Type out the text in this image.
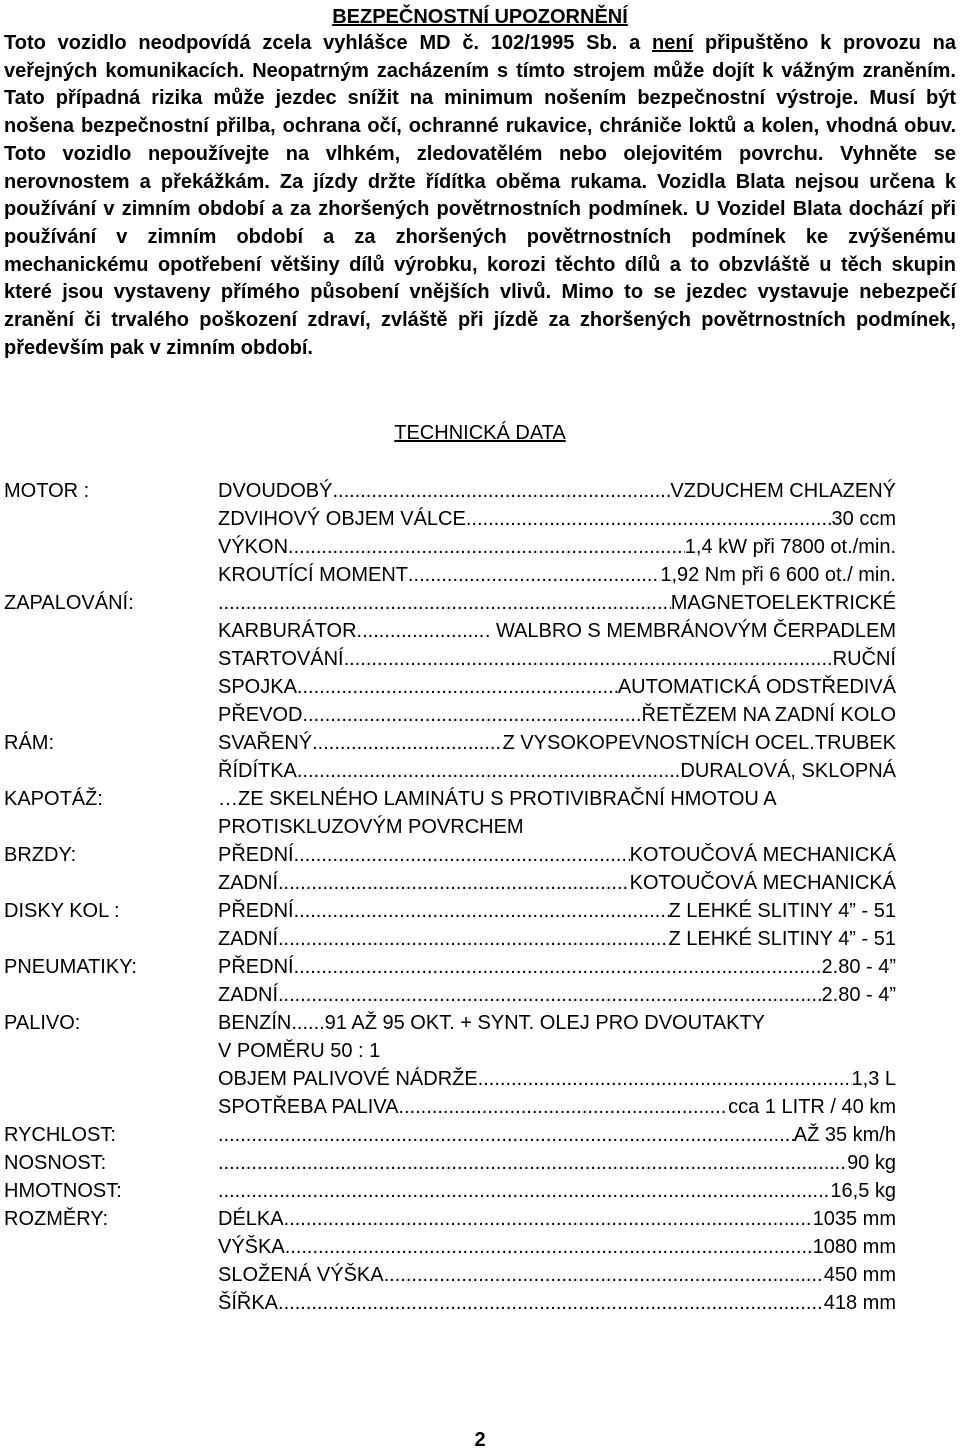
BEZPEČNOSTNÍ UPOZORNĚNÍ

Toto vozidlo neodpovídá zcela vyhlášce MD č. 102/1995 Sb. a není připuštěno k provozu na veřejných komunikacích. Neopatrným zacházením s tímto strojem může dojít k vážným zraněním. Tato případná rizika může jezdec snížit na minimum nošením bezpečnostní výstroje. Musí být nošena bezpečnostní přilba, ochrana očí, ochranné rukavice, chrániče loktů a kolen, vhodná obuv. Toto vozidlo nepoužívejte na vlhkém, zledovatělém nebo olejovitém povrchu. Vyhněte se nerovnostem a překážkám. Za jízdy držte řídítka oběma rukama. Vozidla Blata nejsou určena k používání v zimním období a za zhoršených povětrnostních podmínek. U Vozidel Blata dochází při používání v zimním období a za zhoršených povětrnostních podmínek ke zvýšenému mechanickému opotřebení většiny dílů výrobku, korozi těchto dílů a to obzvláště u těch skupin které jsou vystaveny přímého působení vnějších vlivů. Mimo to se jezdec vystavuje nebezpečí zranění či trvalého poškození zdraví, zvláště při jízdě za zhoršených povětrnostních podmínek, především pak v zimním období.

TECHNICKÁ DATA
MOTOR :	DVOUDOBÝ .....	VZDUCHEM CHLAZENÝ
ZDVIHOVÝ OBJEM VÁLCE .....	30 ccm
VÝKON .....	1,4 kW při 7800 ot./min.
KROUTÍCÍ MOMENT .....	1,92 Nm při 6 600 ot./ min.
ZAPALOVÁNÍ: .....	MAGNETOELEKTRICKÉ
KARBURÁTOR .....	. WALBRO S MEMBRÁNOVÝM ČERPADLEM
STARTOVÁNÍ .....	RUČNÍ
SPOJKA .....	AUTOMATICKÁ ODSTŘEDIVÁ
PŘEVOD .....	ŘETĚZEM NA ZADNÍ KOLO
RÁM:	SVAŘENÝ .....	Z VYSOKOPEVNOSTNÍCH OCEL.TRUBEK
ŘÍDÍTKA .....	DURALOVÁ, SKLOPNÁ
KAPOTÁŽ:	…ZE SKELNÉHO LAMINÁTU S PROTIVIBRAČNÍ HMOTOU A
PROTISKLUZOVÝM POVRCHEM
BRZDY:	PŘEDNÍ .....	KOTOUČOVÁ MECHANICKÁ
ZADNÍ .....	KOTOUČOVÁ MECHANICKÁ
DISKY KOL :	PŘEDNÍ .....	Z LEHKÉ SLITINY 4” - 51
ZADNÍ .....	Z LEHKÉ SLITINY 4” - 51
PNEUMATIKY:	PŘEDNÍ .....	2.80 - 4”
ZADNÍ .....	2.80 - 4”
PALIVO:	BENZÍN......91 AŽ 95 OKT. + SYNT. OLEJ PRO DVOUTAKTY
V POMĚRU 50 : 1
OBJEM PALIVOVÉ NÁDRŽE .....	1,3 L
SPOTŘEBA PALIVA .....	cca 1 LITR / 40 km
RYCHLOST: .....	AŽ 35 km/h
NOSNOST: .....	90 kg
HMOTNOST: .....	16,5 kg
ROZMĚRY:	DÉLKA .....	1035 mm
VÝŠKA .....	1080 mm
SLOŽENÁ VÝŠKA .....	450 mm
ŠÍŘKA .....	418 mm
2
